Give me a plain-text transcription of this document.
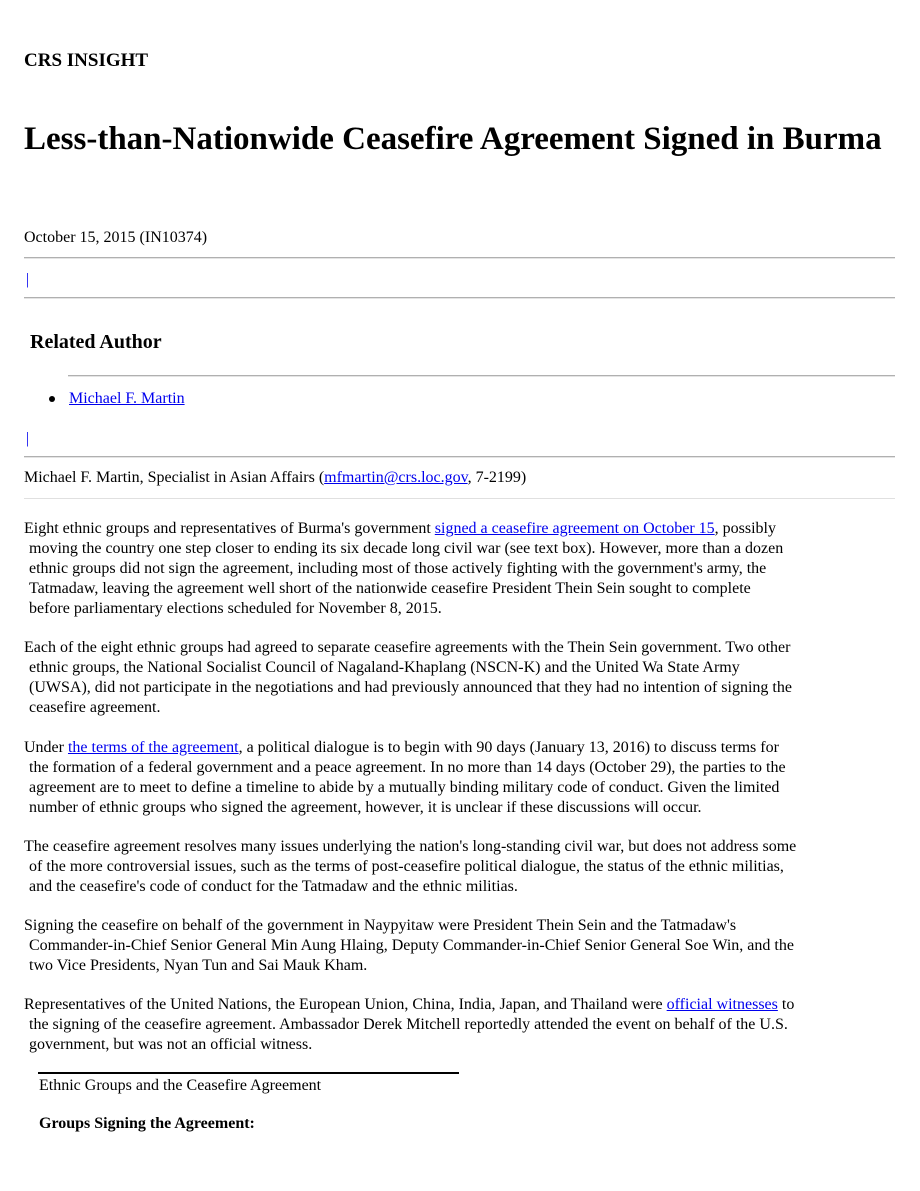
CRS INSIGHT
Less-than-Nationwide Ceasefire Agreement Signed in Burma
October 15, 2015 (IN10374)
|
Related Author
Michael F. Martin
|
Michael F. Martin, Specialist in Asian Affairs (mfmartin@crs.loc.gov, 7-2199)
Eight ethnic groups and representatives of Burma's government signed a ceasefire agreement on October 15, possibly
moving the country one step closer to ending its six decade long civil war (see text box). However, more than a dozen
ethnic groups did not sign the agreement, including most of those actively fighting with the government's army, the
Tatmadaw, leaving the agreement well short of the nationwide ceasefire President Thein Sein sought to complete
before parliamentary elections scheduled for November 8, 2015.
Each of the eight ethnic groups had agreed to separate ceasefire agreements with the Thein Sein government. Two other
ethnic groups, the National Socialist Council of Nagaland-Khaplang (NSCN-K) and the United Wa State Army
(UWSA), did not participate in the negotiations and had previously announced that they had no intention of signing the
ceasefire agreement.
Under the terms of the agreement, a political dialogue is to begin with 90 days (January 13, 2016) to discuss terms for
the formation of a federal government and a peace agreement. In no more than 14 days (October 29), the parties to the
agreement are to meet to define a timeline to abide by a mutually binding military code of conduct. Given the limited
number of ethnic groups who signed the agreement, however, it is unclear if these discussions will occur.
The ceasefire agreement resolves many issues underlying the nation's long-standing civil war, but does not address some
of the more controversial issues, such as the terms of post-ceasefire political dialogue, the status of the ethnic militias,
and the ceasefire's code of conduct for the Tatmadaw and the ethnic militias.
Signing the ceasefire on behalf of the government in Naypyitaw were President Thein Sein and the Tatmadaw's
Commander-in-Chief Senior General Min Aung Hlaing, Deputy Commander-in-Chief Senior General Soe Win, and the
two Vice Presidents, Nyan Tun and Sai Mauk Kham.
Representatives of the United Nations, the European Union, China, India, Japan, and Thailand were official witnesses to
the signing of the ceasefire agreement. Ambassador Derek Mitchell reportedly attended the event on behalf of the U.S.
government, but was not an official witness.
Ethnic Groups and the Ceasefire Agreement
Groups Signing the Agreement:
